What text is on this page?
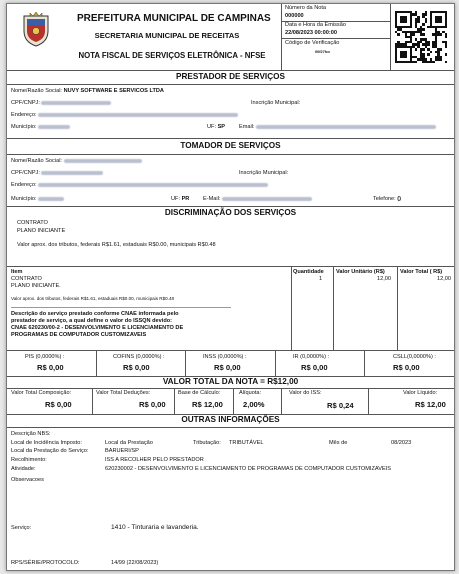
PREFEITURA MUNICIPAL DE CAMPINAS
SECRETARIA MUNICIPAL DE RECEITAS
NOTA FISCAL DE SERVIÇOS ELETRÔNICA - NFSE
Número da Nota
000000
Data e Hora da Emissão
22/08/2023 00:00:00
Código de Verificação
00f27fcc
PRESTADOR DE SERVIÇOS
Nome/Razão Social: NUVY SOFTWARE E SERVICOS LTDA
CPF/CNPJ:	Inscrição Municipal:
Endereço:
Município:	UF: SP Email:
TOMADOR DE SERVIÇOS
Nome/Razão Social:
CPF/CNPJ:	Inscrição Municipal:
Endereço:
Município:	UF: PR E-Mail:	Telefone: ()
DISCRIMINAÇÃO DOS SERVIÇOS
CONTRATO
PLANO INICIANTE
Valor aprox. dos tributos, federais R$1.61, estaduais R$0.00, municipais R$0.48
Item	Quantidade Valor Unitário (R$)	Valor Total ( R$)
CONTRATO
PLANO INICIANTE.
1	12,00	12,00
Valor aprox. dos tributos, federais R$1.61, estaduais R$0.00, municipais R$0.48
Descrição do serviço prestado conforme CNAE informada pelo
prestador de serviço, a qual define o valor do ISSQN devido:
CNAE 620230/00-2 - DESENVOLVIMENTO E LICENCIAMENTO DE
PROGRAMAS DE COMPUTADOR CUSTOMIZAVEIS
PIS (0,0000%) :
R$ 0,00
COFINS (0,0000%) :
R$ 0,00
INSS (0,0000%) :
R$ 0,00
IR (0,0000%) :
R$ 0,00
CSLL(0,0000%) :
R$ 0,00
VALOR TOTAL DA NOTA = R$12,00
Valor Total Composição:
R$ 0,00
Valor Total Deduções:
R$ 0,00
Base de Cálculo:
R$ 12,00
Alíquota:
2,00%
Valor do ISS:
R$ 0,24
Valor Líquido:
R$ 12,00
OUTRAS INFORMAÇÕES
Descrição NBS:
Local de Incidência Imposto:	Local da Prestação	Tributação: TRIBUTÁVEL	Mês de	08/2023
Local da Prestação do Serviço:	BARUERI/SP
Recolhimento:	ISS A RECOLHER PELO PRESTADOR
Atividade:	620230002 - DESENVOLVIMENTO E LICENCIAMENTO DE PROGRAMAS DE COMPUTADOR CUSTOMIZAVEIS
Observacoes
Serviço:	1410 - Tinturaria e lavanderia.
RPS/SÉRIE/PROTOCOLO:	14/99 (22/08/2023)
